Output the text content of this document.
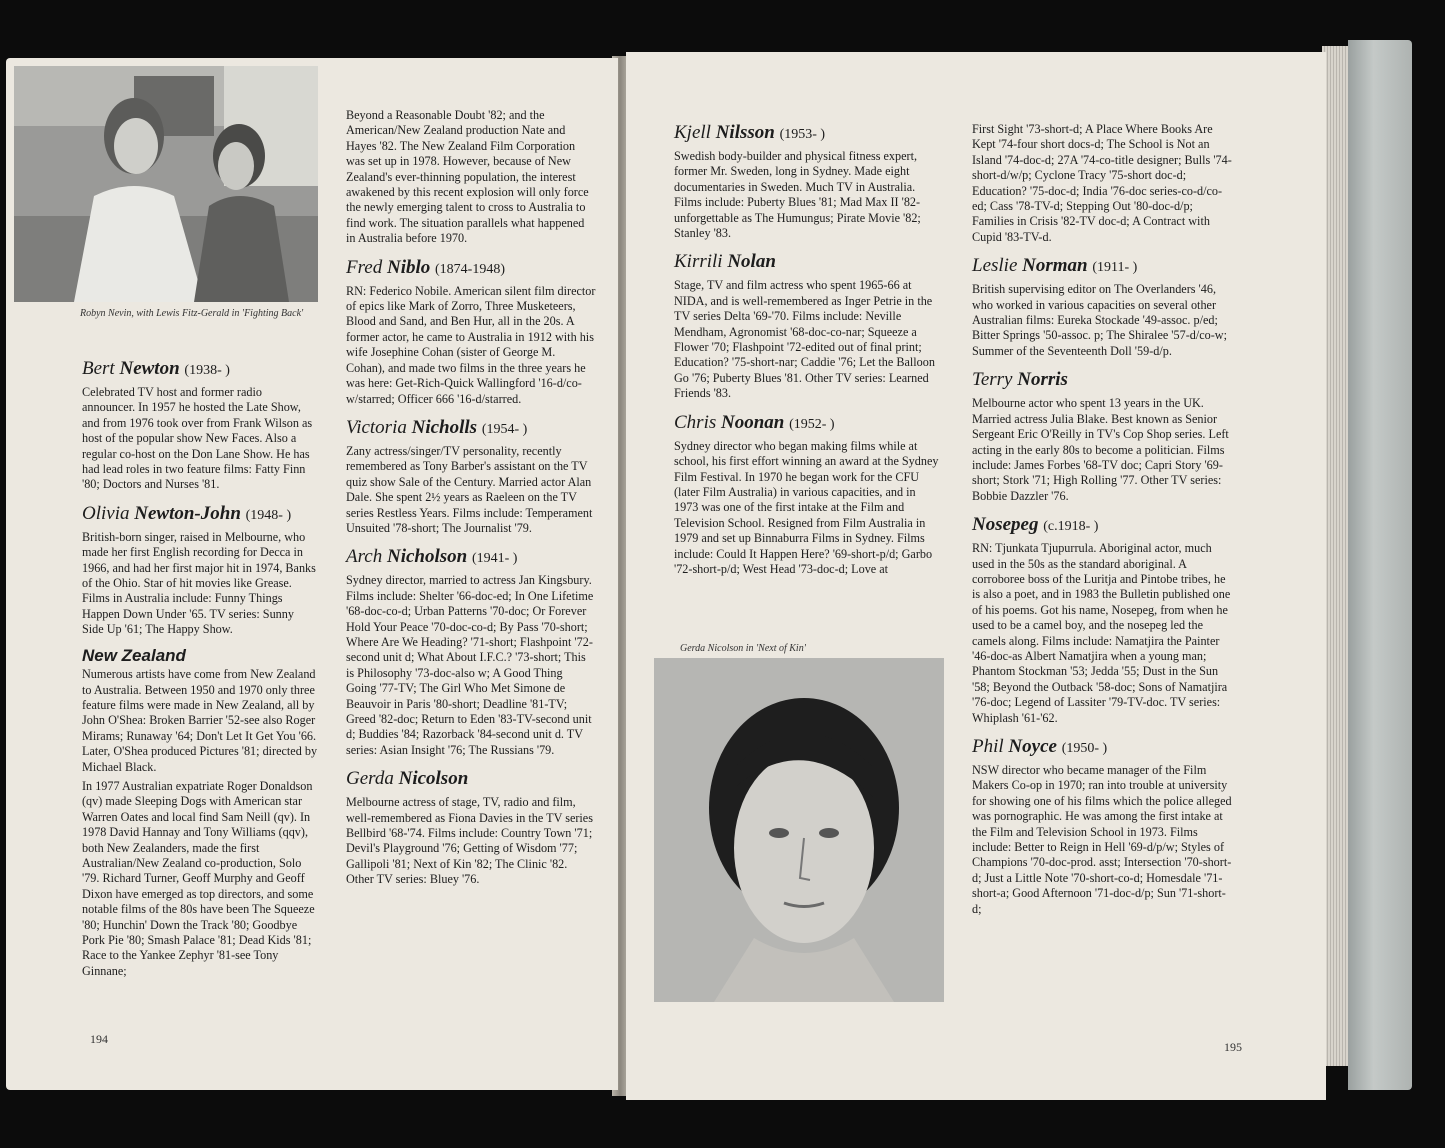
Robyn Nevin, with Lewis Fitz-Gerald in 'Fighting Back'
Bert Newton (1938- )

Celebrated TV host and former radio announcer. In 1957 he hosted the Late Show, and from 1976 took over from Frank Wilson as host of the popular show New Faces. Also a regular co-host on the Don Lane Show. He has had lead roles in two feature films: Fatty Finn '80; Doctors and Nurses '81.

Olivia Newton-John (1948- )

British-born singer, raised in Melbourne, who made her first English recording for Decca in 1966, and had her first major hit in 1974, Banks of the Ohio. Star of hit movies like Grease. Films in Australia include: Funny Things Happen Down Under '65. TV series: Sunny Side Up '61; The Happy Show.

New Zealand

Numerous artists have come from New Zealand to Australia. Between 1950 and 1970 only three feature films were made in New Zealand, all by John O'Shea: Broken Barrier '52-see also Roger Mirams; Runaway '64; Don't Let It Get You '66. Later, O'Shea produced Pictures '81; directed by Michael Black.

In 1977 Australian expatriate Roger Donaldson (qv) made Sleeping Dogs with American star Warren Oates and local find Sam Neill (qv). In 1978 David Hannay and Tony Williams (qqv), both New Zealanders, made the first Australian/New Zealand co-production, Solo '79. Richard Turner, Geoff Murphy and Geoff Dixon have emerged as top directors, and some notable films of the 80s have been The Squeeze '80; Hunchin' Down the Track '80; Goodbye Pork Pie '80; Smash Palace '81; Dead Kids '81; Race to the Yankee Zephyr '81-see Tony Ginnane;

Beyond a Reasonable Doubt '82; and the American/New Zealand production Nate and Hayes '82. The New Zealand Film Corporation was set up in 1978. However, because of New Zealand's ever-thinning population, the interest awakened by this recent explosion will only force the newly emerging talent to cross to Australia to find work. The situation parallels what happened in Australia before 1970.

Fred Niblo (1874-1948)

RN: Federico Nobile. American silent film director of epics like Mark of Zorro, Three Musketeers, Blood and Sand, and Ben Hur, all in the 20s. A former actor, he came to Australia in 1912 with his wife Josephine Cohan (sister of George M. Cohan), and made two films in the three years he was here: Get-Rich-Quick Wallingford '16-d/co-w/starred; Officer 666 '16-d/starred.

Victoria Nicholls (1954- )

Zany actress/singer/TV personality, recently remembered as Tony Barber's assistant on the TV quiz show Sale of the Century. Married actor Alan Dale. She spent 2½ years as Raeleen on the TV series Restless Years. Films include: Temperament Unsuited '78-short; The Journalist '79.

Arch Nicholson (1941- )

Sydney director, married to actress Jan Kingsbury. Films include: Shelter '66-doc-ed; In One Lifetime '68-doc-co-d; Urban Patterns '70-doc; Or Forever Hold Your Peace '70-doc-co-d; By Pass '70-short; Where Are We Heading? '71-short; Flashpoint '72-second unit d; What About I.F.C.? '73-short; This is Philosophy '73-doc-also w; A Good Thing Going '77-TV; The Girl Who Met Simone de Beauvoir in Paris '80-short; Deadline '81-TV; Greed '82-doc; Return to Eden '83-TV-second unit d; Buddies '84; Razorback '84-second unit d. TV series: Asian Insight '76; The Russians '79.

Gerda Nicolson

Melbourne actress of stage, TV, radio and film, well-remembered as Fiona Davies in the TV series Bellbird '68-'74. Films include: Country Town '71; Devil's Playground '76; Getting of Wisdom '77; Gallipoli '81; Next of Kin '82; The Clinic '82. Other TV series: Bluey '76.

194
Kjell Nilsson (1953- )

Swedish body-builder and physical fitness expert, former Mr. Sweden, long in Sydney. Made eight documentaries in Sweden. Much TV in Australia. Films include: Puberty Blues '81; Mad Max II '82-unforgettable as The Humungus; Pirate Movie '82; Stanley '83.

Kirrili Nolan

Stage, TV and film actress who spent 1965-66 at NIDA, and is well-remembered as Inger Petrie in the TV series Delta '69-'70. Films include: Neville Mendham, Agronomist '68-doc-co-nar; Squeeze a Flower '70; Flashpoint '72-edited out of final print; Education? '75-short-nar; Caddie '76; Let the Balloon Go '76; Puberty Blues '81. Other TV series: Learned Friends '83.

Chris Noonan (1952- )

Sydney director who began making films while at school, his first effort winning an award at the Sydney Film Festival. In 1970 he began work for the CFU (later Film Australia) in various capacities, and in 1973 was one of the first intake at the Film and Television School. Resigned from Film Australia in 1979 and set up Binnaburra Films in Sydney. Films include: Could It Happen Here? '69-short-p/d; Garbo '72-short-p/d; West Head '73-doc-d; Love at

Gerda Nicolson in 'Next of Kin'

First Sight '73-short-d; A Place Where Books Are Kept '74-four short docs-d; The School is Not an Island '74-doc-d; 27A '74-co-title designer; Bulls '74-short-d/w/p; Cyclone Tracy '75-short doc-d; Education? '75-doc-d; India '76-doc series-co-d/co-ed; Cass '78-TV-d; Stepping Out '80-doc-d/p; Families in Crisis '82-TV doc-d; A Contract with Cupid '83-TV-d.

Leslie Norman (1911- )

British supervising editor on The Overlanders '46, who worked in various capacities on several other Australian films: Eureka Stockade '49-assoc. p/ed; Bitter Springs '50-assoc. p; The Shiralee '57-d/co-w; Summer of the Seventeenth Doll '59-d/p.

Terry Norris

Melbourne actor who spent 13 years in the UK. Married actress Julia Blake. Best known as Senior Sergeant Eric O'Reilly in TV's Cop Shop series. Left acting in the early 80s to become a politician. Films include: James Forbes '68-TV doc; Capri Story '69-short; Stork '71; High Rolling '77. Other TV series: Bobbie Dazzler '76.

Nosepeg (c.1918- )

RN: Tjunkata Tjupurrula. Aboriginal actor, much used in the 50s as the standard aboriginal. A corroboree boss of the Luritja and Pintobe tribes, he is also a poet, and in 1983 the Bulletin published one of his poems. Got his name, Nosepeg, from when he used to be a camel boy, and the nosepeg led the camels along. Films include: Namatjira the Painter '46-doc-as Albert Namatjira when a young man; Phantom Stockman '53; Jedda '55; Dust in the Sun '58; Beyond the Outback '58-doc; Sons of Namatjira '76-doc; Legend of Lassiter '79-TV-doc. TV series: Whiplash '61-'62.

Phil Noyce (1950- )

NSW director who became manager of the Film Makers Co-op in 1970; ran into trouble at university for showing one of his films which the police alleged was pornographic. He was among the first intake at the Film and Television School in 1973. Films include: Better to Reign in Hell '69-d/p/w; Styles of Champions '70-doc-prod. asst; Intersection '70-short-d; Just a Little Note '70-short-co-d; Homesdale '71-short-a; Good Afternoon '71-doc-d/p; Sun '71-short-d;

195
